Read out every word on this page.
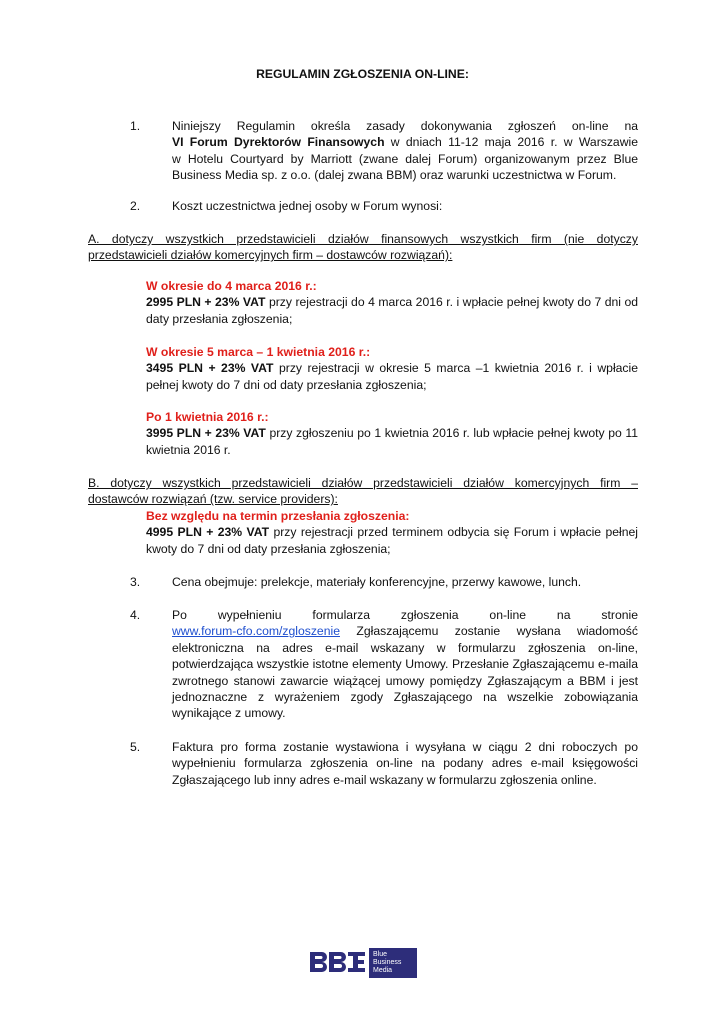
REGULAMIN ZGŁOSZENIA ON-LINE:
1.	Niniejszy Regulamin określa zasady dokonywania zgłoszeń on-line na
VI Forum Dyrektorów Finansowych w dniach 11-12 maja 2016 r. w Warszawie
w Hotelu Courtyard by Marriott (zwane dalej Forum) organizowanym przez Blue
Business Media sp. z o.o. (dalej zwana BBM) oraz warunki uczestnictwa w Forum.
2.	Koszt uczestnictwa jednej osoby w Forum wynosi:
A. dotyczy wszystkich przedstawicieli działów finansowych wszystkich firm (nie dotyczy
przedstawicieli działów komercyjnych firm – dostawców rozwiązań):
W okresie do 4 marca 2016 r.:
2995 PLN + 23% VAT przy rejestracji do 4 marca 2016 r. i wpłacie pełnej kwoty do 7 dni od
daty przesłania zgłoszenia;
W okresie 5 marca – 1 kwietnia 2016 r.:
3495 PLN + 23% VAT przy rejestracji w okresie 5 marca –1 kwietnia 2016 r. i wpłacie
pełnej kwoty do 7 dni od daty przesłania zgłoszenia;
Po 1 kwietnia 2016 r.:
3995 PLN + 23% VAT przy zgłoszeniu po 1 kwietnia 2016 r. lub wpłacie pełnej kwoty po 11
kwietnia 2016 r.
B. dotyczy wszystkich przedstawicieli działów przedstawicieli działów komercyjnych firm –
dostawców rozwiązań (tzw. service providers):
Bez względu na termin przesłania zgłoszenia:
4995 PLN + 23% VAT przy rejestracji przed terminem odbycia się Forum i wpłacie pełnej
kwoty do 7 dni od daty przesłania zgłoszenia;
3.	Cena obejmuje: prelekcje, materiały konferencyjne, przerwy kawowe, lunch.
4.	Po wypełnieniu formularza zgłoszenia on-line na stronie
www.forum-cfo.com/zgloszenie Zgłaszającemu zostanie wysłana wiadomość
elektroniczna na adres e-mail wskazany w formularzu zgłoszenia on-line,
potwierdzająca wszystkie istotne elementy Umowy. Przesłanie Zgłaszającemu e-maila
zwrotnego stanowi zawarcie wiążącej umowy pomiędzy Zgłaszającym a BBM i jest
jednoznaczne z wyrażeniem zgody Zgłaszającego na wszelkie zobowiązania
wynikające z umowy.
5.	Faktura pro forma zostanie wystawiona i wysyłana w ciągu 2 dni roboczych po
wypełnieniu formularza zgłoszenia on-line na podany adres e-mail księgowości
Zgłaszającego lub inny adres e-mail wskazany w formularzu zgłoszenia online.
Blue
Business
Media
